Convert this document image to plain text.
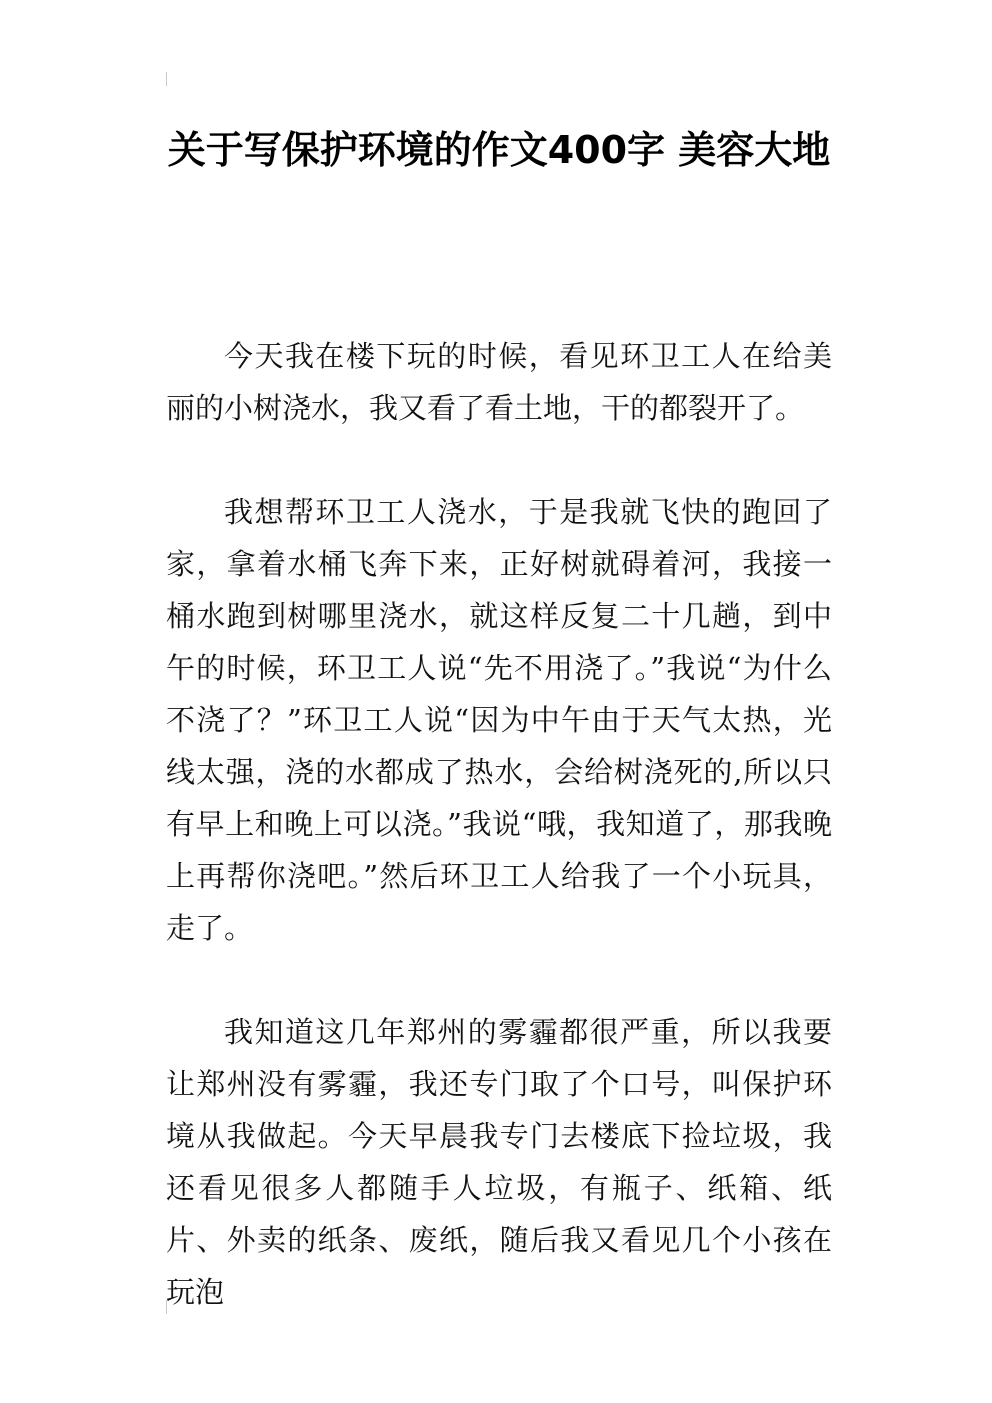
关于写保护环境的作文400字 美容大地

今天我在楼下玩的时候，看见环卫工人在给美丽的小树浇水，我又看了看土地，干的都裂开了。

我想帮环卫工人浇水，于是我就飞快的跑回了家，拿着水桶飞奔下来，正好树就碍着河，我接一桶水跑到树哪里浇水，就这样反复二十几趟，到中午的时候，环卫工人说“先不用浇了。”我说“为什么不浇了？”环卫工人说“因为中午由于天气太热，光线太强，浇的水都成了热水，会给树浇死的,所以只有早上和晚上可以浇。”我说“哦，我知道了，那我晚上再帮你浇吧。”然后环卫工人给我了一个小玩具，走了。

我知道这几年郑州的雾霾都很严重，所以我要让郑州没有雾霾，我还专门取了个口号，叫保护环境从我做起。今天早晨我专门去楼底下捡垃圾，我还看见很多人都随手人垃圾，有瓶子、纸箱、纸片、外卖的纸条、废纸，随后我又看见几个小孩在玩泡
